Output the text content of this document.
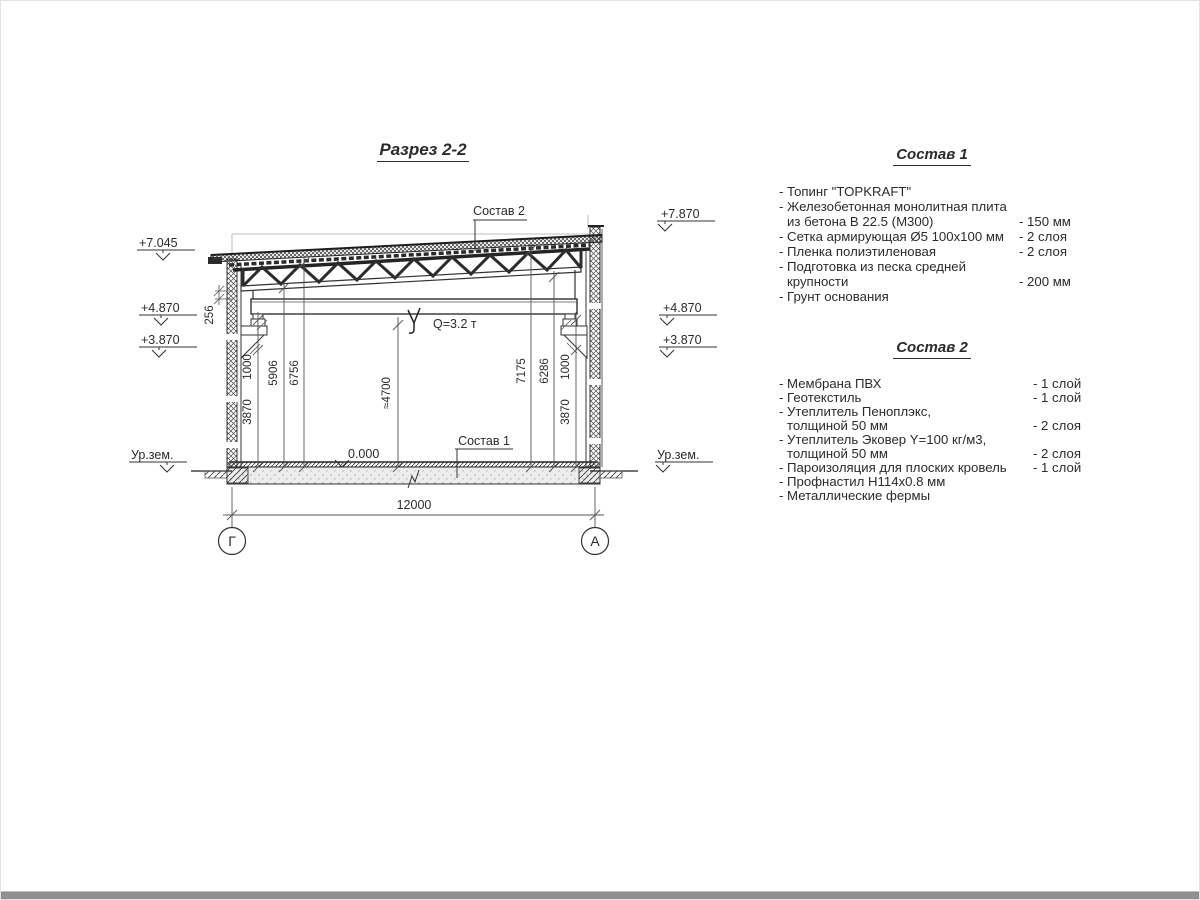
Разрез 2-2
Q=3.2 т
1000
3870
5906 6756
≈4700
7175 6286 1000
3870
256
+7.045
+4.870
+3.870
Ур.зем.
+7.870
+4.870
+3.870
Ур.зем.
Состав 2
Состав 1
0.000
12000
Г	А
Состав 1
- Топинг "TOPKRAFT"
- Железобетонная монолитная плита
из бетона В 22.5 (М300)	- 150 мм
- Сетка армирующая Ø5 100х100 мм - 2 слоя
- Пленка полиэтиленовая	- 2 слоя
- Подготовка из песка средней
крупности	- 200 мм
- Грунт основания
Состав 2
- Мембрана ПВХ	- 1 слой
- Геотекстиль	- 1 слой
- Утеплитель Пеноплэкс,
толщиной 50 мм	- 2 слоя
- Утеплитель Эковер Y=100 кг/м3,
толщиной 50 мм	- 2 слоя
- Пароизоляция для плоских кровель - 1 слой
- Профнастил Н114х0.8 мм
- Металлические фермы
